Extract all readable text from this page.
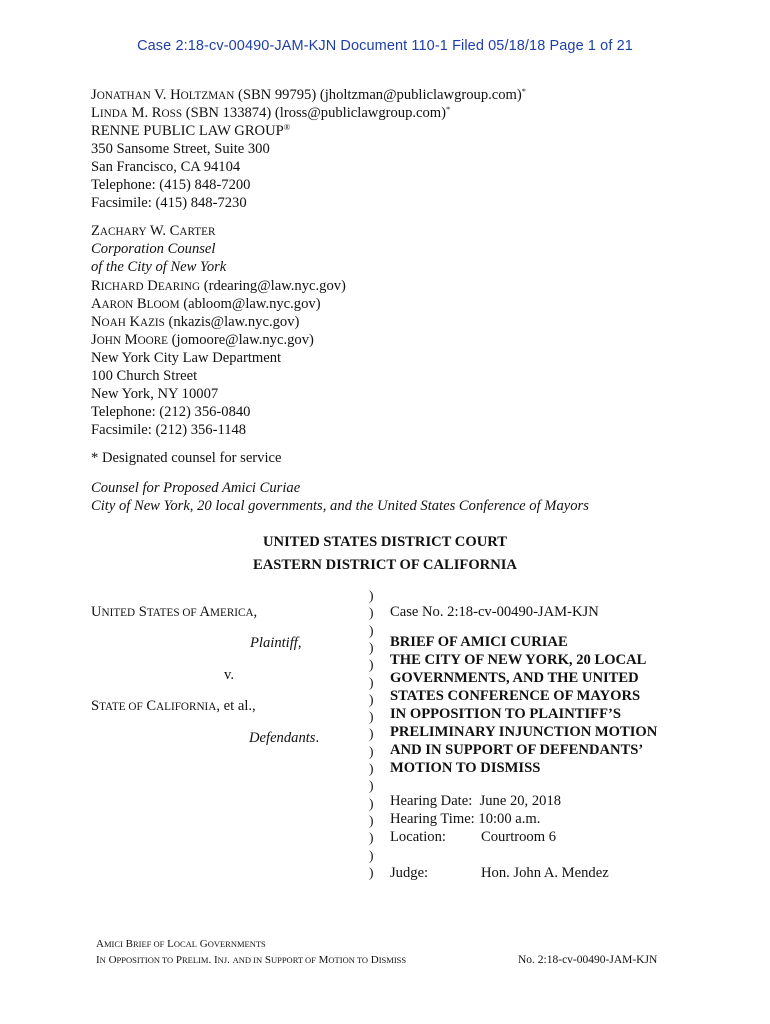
Case 2:18-cv-00490-JAM-KJN Document 110-1 Filed 05/18/18 Page 1 of 21
JONATHAN V. HOLTZMAN (SBN 99795) (jholtzman@publiclawgroup.com)*
LINDA M. ROSS (SBN 133874) (lross@publiclawgroup.com)*
RENNE PUBLIC LAW GROUP®
350 Sansome Street, Suite 300
San Francisco, CA 94104
Telephone: (415) 848-7200
Facsimile: (415) 848-7230
ZACHARY W. CARTER
Corporation Counsel
of the City of New York
RICHARD DEARING (rdearing@law.nyc.gov)
AARON BLOOM (abloom@law.nyc.gov)
NOAH KAZIS (nkazis@law.nyc.gov)
JOHN MOORE (jomoore@law.nyc.gov)
New York City Law Department
100 Church Street
New York, NY 10007
Telephone: (212) 356-0840
Facsimile: (212) 356-1148
* Designated counsel for service
Counsel for Proposed Amici Curiae
City of New York, 20 local governments, and the United States Conference of Mayors
UNITED STATES DISTRICT COURT
EASTERN DISTRICT OF CALIFORNIA
UNITED STATES OF AMERICA,
Plaintiff,
v.
STATE OF CALIFORNIA, et al.,
Defendants.
)
)
)
)
)
)
)
)
)
)
)
)
)
)
)
)
)
Case No. 2:18-cv-00490-JAM-KJN
BRIEF OF AMICI CURIAE
THE CITY OF NEW YORK, 20 LOCAL
GOVERNMENTS, AND THE UNITED
STATES CONFERENCE OF MAYORS
IN OPPOSITION TO PLAINTIFF’S
PRELIMINARY INJUNCTION MOTION
AND IN SUPPORT OF DEFENDANTS’
MOTION TO DISMISS
Hearing Date: June 20, 2018
Hearing Time: 10:00 a.m.
Location: Courtroom 6
Judge:	Hon. John A. Mendez
AMICI BRIEF OF LOCAL GOVERNMENTS
IN OPPOSITION TO PRELIM. INJ. AND IN SUPPORT OF MOTION TO DISMISS	No. 2:18-cv-00490-JAM-KJN
